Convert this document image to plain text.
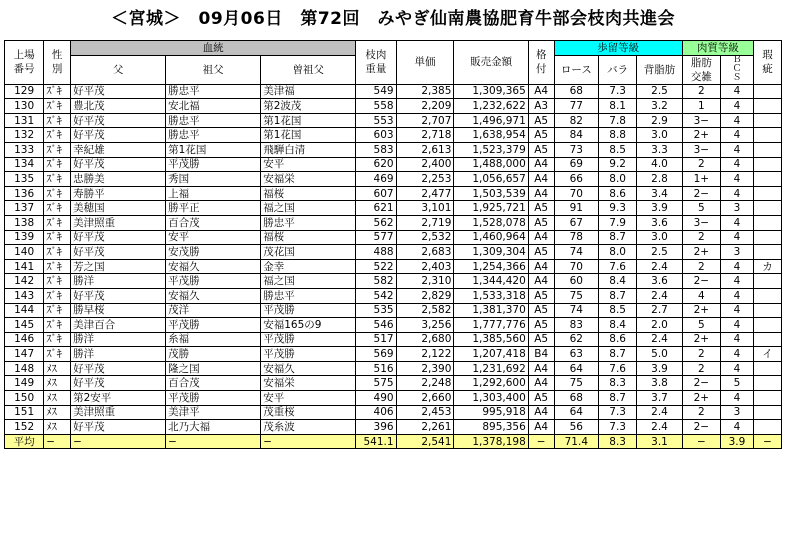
＜宮城＞　09月06日　第72回　みやぎ仙南農協肥育牛部会枝肉共進会
上場番号	性別	血統			枝肉重量	単価	販売金額	格付	歩留等級			肉質等級		瑕疵
		父	祖父	曽祖父					ロース	バラ	背脂肪	脂肪交雑	ＢＣＳ	
129	ｽﾞｷ	好平茂	勝忠平	美津福	549	2,385	1,309,365	A4	68	7.3	2.5	2	4	
130	ｽﾞｷ	豊北茂	安北福	第2波茂	558	2,209	1,232,622	A3	77	8.1	3.2	1	4	
131	ｽﾞｷ	好平茂	勝忠平	第1花国	553	2,707	1,496,971	A5	82	7.8	2.9	3−	4	
132	ｽﾞｷ	好平茂	勝忠平	第1花国	603	2,718	1,638,954	A5	84	8.8	3.0	2+	4	
133	ｽﾞｷ	幸紀雄	第1花国	飛騨白清	583	2,613	1,523,379	A5	73	8.5	3.3	3−	4	
134	ｽﾞｷ	好平茂	平茂勝	安平	620	2,400	1,488,000	A4	69	9.2	4.0	2	4	
135	ｽﾞｷ	忠勝美	秀国	安福栄	469	2,253	1,056,657	A4	66	8.0	2.8	1+	4	
136	ｽﾞｷ	寿勝平	上福	福桜	607	2,477	1,503,539	A4	70	8.6	3.4	2−	4	
137	ｽﾞｷ	美穂国	勝平正	福之国	621	3,101	1,925,721	A5	91	9.3	3.9	5	3	
138	ｽﾞｷ	美津照重	百合茂	勝忠平	562	2,719	1,528,078	A5	67	7.9	3.6	3−	4	
139	ｽﾞｷ	好平茂	安平	福桜	577	2,532	1,460,964	A4	78	8.7	3.0	2	4	
140	ｽﾞｷ	好平茂	安茂勝	茂花国	488	2,683	1,309,304	A5	74	8.0	2.5	2+	3	
141	ｽﾞｷ	芳之国	安福久	金幸	522	2,403	1,254,366	A4	70	7.6	2.4	2	4	カ
142	ｽﾞｷ	勝洋	平茂勝	福之国	582	2,310	1,344,420	A4	60	8.4	3.6	2−	4	
143	ｽﾞｷ	好平茂	安福久	勝忠平	542	2,829	1,533,318	A5	75	8.7	2.4	4	4	
144	ｽﾞｷ	勝早桜	茂洋	平茂勝	535	2,582	1,381,370	A5	74	8.5	2.7	2+	4	
145	ｽﾞｷ	美津百合	平茂勝	安福165の9	546	3,256	1,777,776	A5	83	8.4	2.0	5	4	
146	ｽﾞｷ	勝洋	糸福	平茂勝	517	2,680	1,385,560	A5	62	8.6	2.4	2+	4	
147	ｽﾞｷ	勝洋	茂勝	平茂勝	569	2,122	1,207,418	B4	63	8.7	5.0	2	4	イ
148	ﾒｽ	好平茂	隆之国	安福久	516	2,390	1,231,692	A4	64	7.6	3.9	2	4	
149	ﾒｽ	好平茂	百合茂	安福栄	575	2,248	1,292,600	A4	75	8.3	3.8	2−	5	
150	ﾒｽ	第2安平	平茂勝	安平	490	2,660	1,303,400	A5	68	8.7	3.7	2+	4	
151	ﾒｽ	美津照重	美津平	茂重桜	406	2,453	995,918	A4	64	7.3	2.4	2	3	
152	ﾒｽ	好平茂	北乃大福	茂糸波	396	2,261	895,356	A4	56	7.3	2.4	2−	4	
平均	−	−	−	−	541.1	2,541	1,378,198	−	71.4	8.3	3.1	−	3.9	−
